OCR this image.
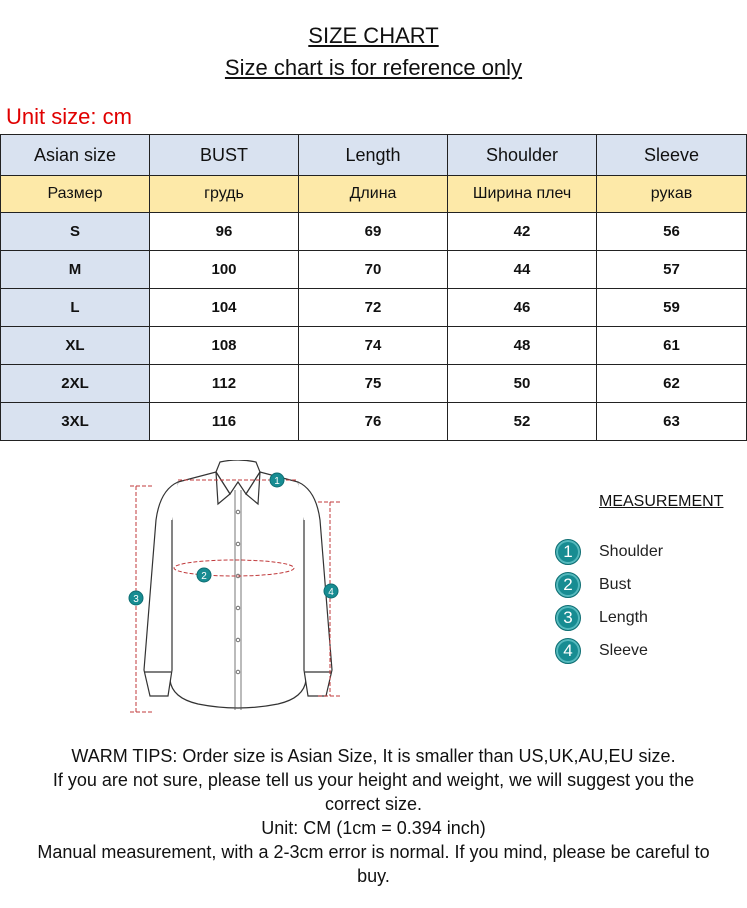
SIZE CHART
Size chart is for reference only
Unit size: cm
Asian size	BUST	Length	Shoulder	Sleeve
Размер	грудь	Длина	Ширина плеч	рукав
S	96	69	42	56
M	100	70	44	57
L	104	72	46	59
XL	108	74	48	61
2XL	112	75	50	62
3XL	116	76	52	63
1
2
3
4
MEASUREMENT
1	Shoulder
2	Bust
3	Length
4	Sleeve
WARM TIPS: Order size is Asian Size, It is smaller than US,UK,AU,EU size.
If you are not sure, please tell us your height and weight, we will suggest you the
correct size.
Unit: CM (1cm = 0.394 inch)
Manual measurement, with a 2-3cm error is normal. If you mind, please be careful to
buy.
